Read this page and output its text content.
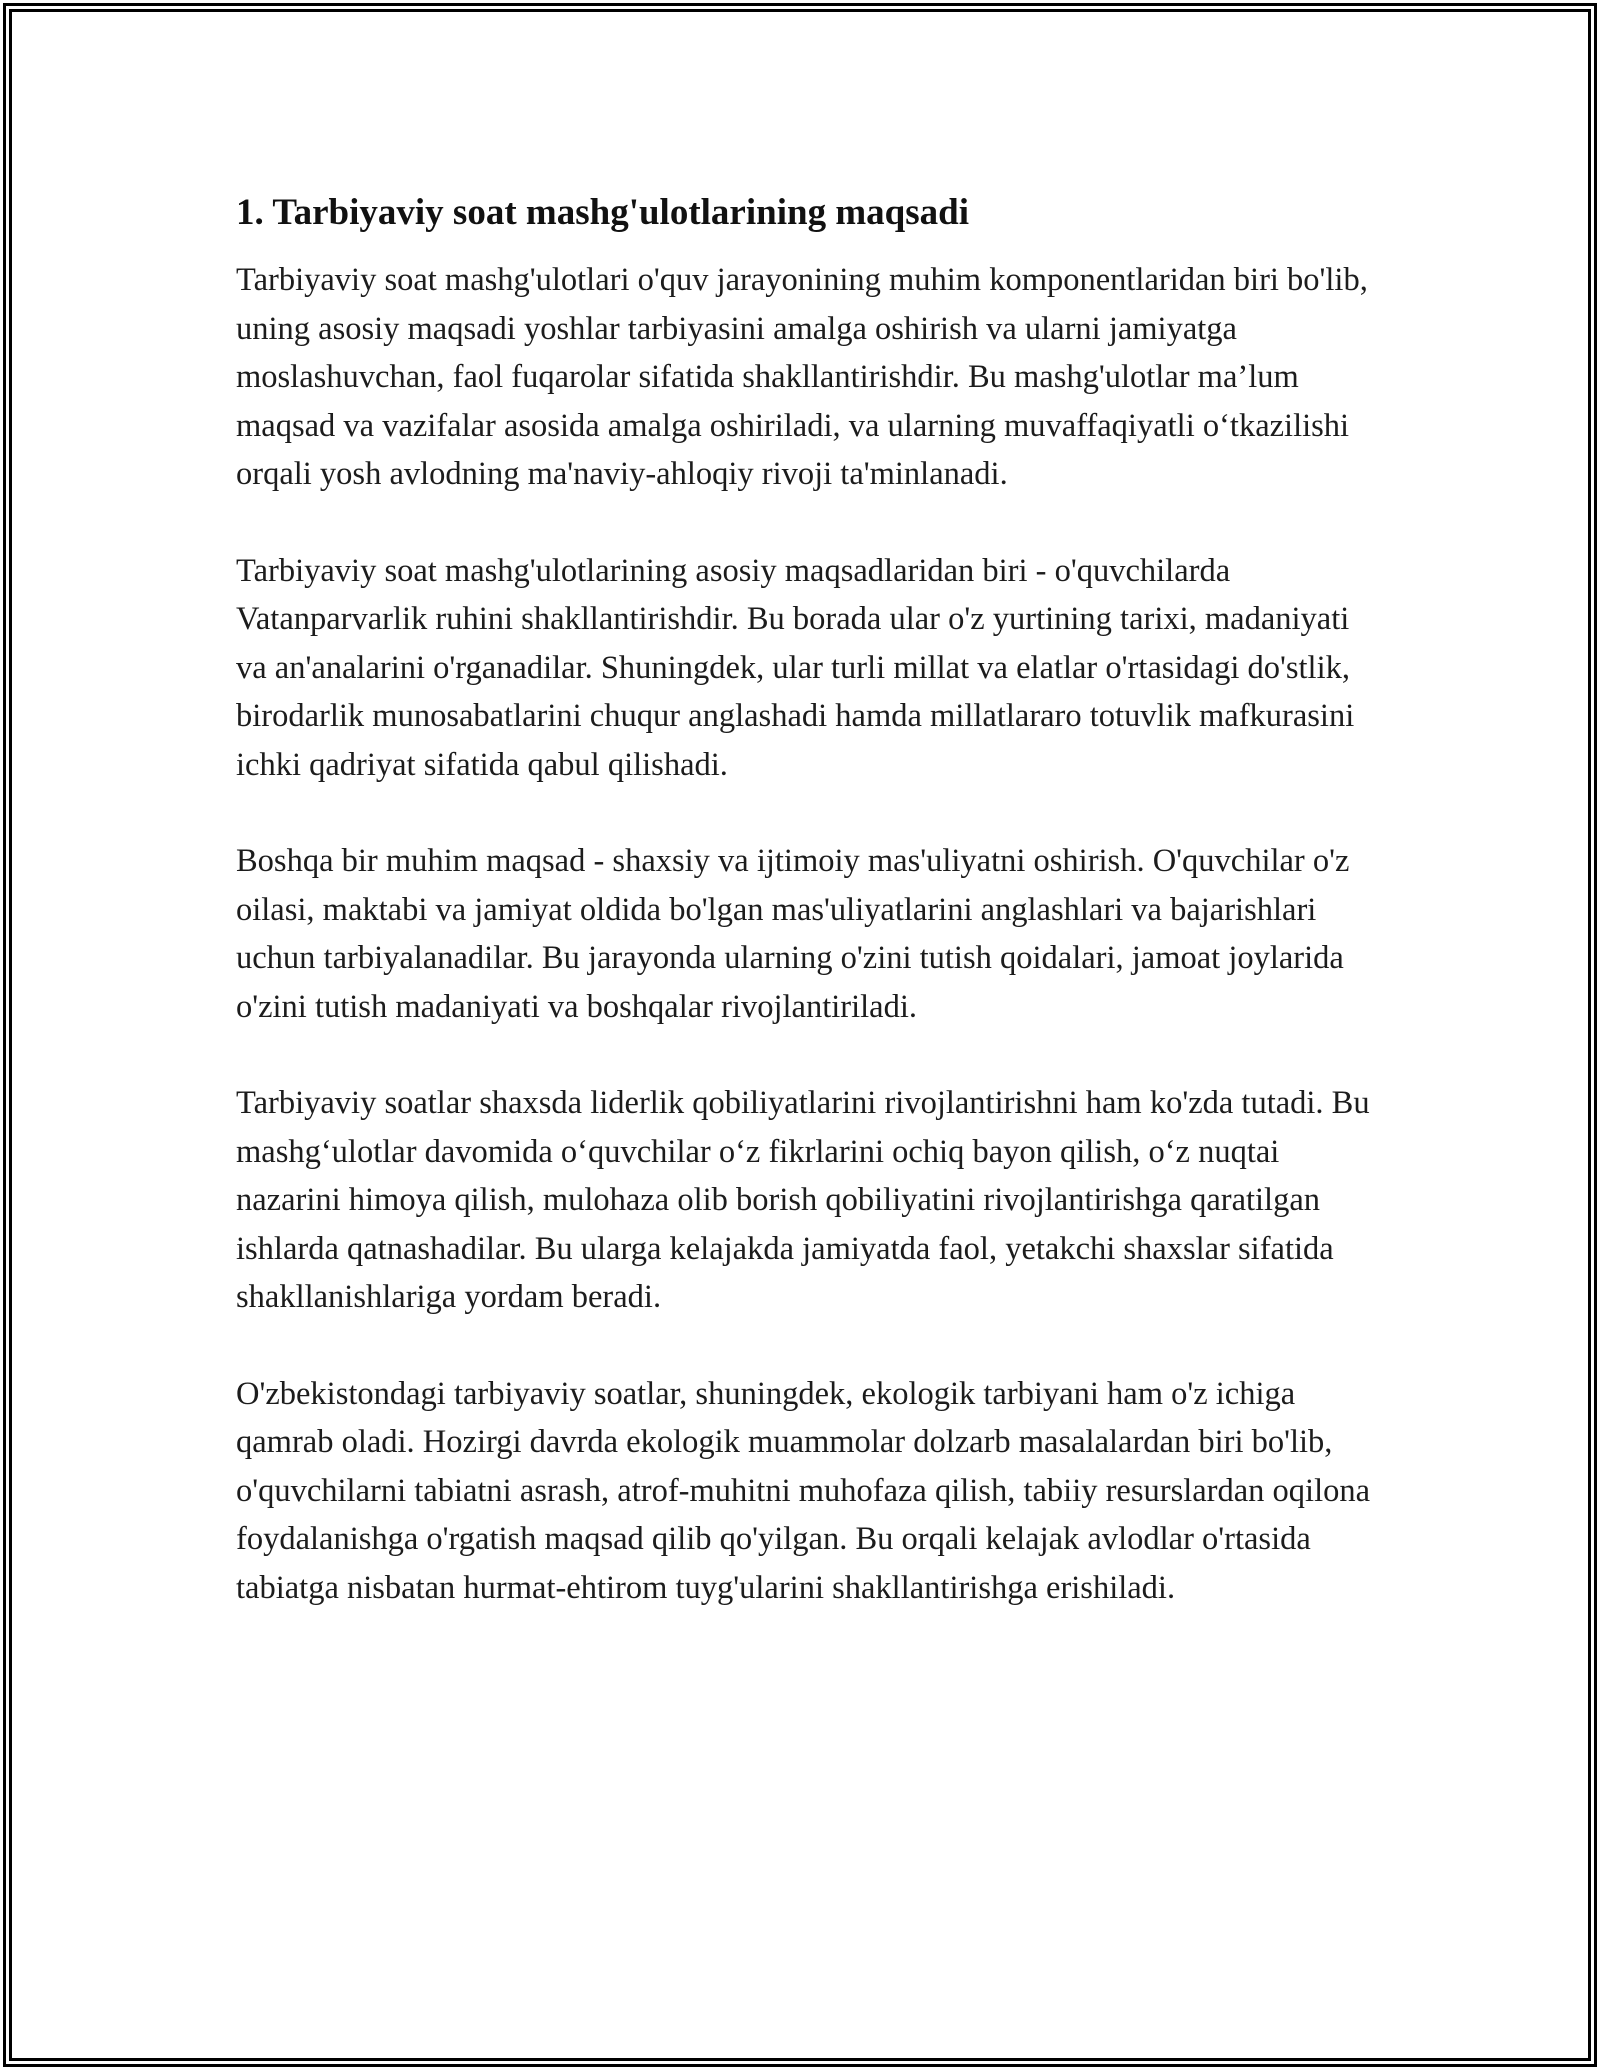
1. Tarbiyaviy soat mashg'ulotlarining maqsadi

Tarbiyaviy soat mashg'ulotlari o'quv jarayonining muhim komponentlaridan biri bo'lib, uning asosiy maqsadi yoshlar tarbiyasini amalga oshirish va ularni jamiyatga moslashuvchan, faol fuqarolar sifatida shakllantirishdir. Bu mashg'ulotlar ma’lum maqsad va vazifalar asosida amalga oshiriladi, va ularning muvaffaqiyatli o‘tkazilishi orqali yosh avlodning ma'naviy-ahloqiy rivoji ta'minlanadi.

Tarbiyaviy soat mashg'ulotlarining asosiy maqsadlaridan biri - o'quvchilarda Vatanparvarlik ruhini shakllantirishdir. Bu borada ular o'z yurtining tarixi, madaniyati va an'analarini o'rganadilar. Shuningdek, ular turli millat va elatlar o'rtasidagi do'stlik, birodarlik munosabatlarini chuqur anglashadi hamda millatlararo totuvlik mafkurasini ichki qadriyat sifatida qabul qilishadi.

Boshqa bir muhim maqsad - shaxsiy va ijtimoiy mas'uliyatni oshirish. O'quvchilar o'z oilasi, maktabi va jamiyat oldida bo'lgan mas'uliyatlarini anglashlari va bajarishlari uchun tarbiyalanadilar. Bu jarayonda ularning o'zini tutish qoidalari, jamoat joylarida o'zini tutish madaniyati va boshqalar rivojlantiriladi.

Tarbiyaviy soatlar shaxsda liderlik qobiliyatlarini rivojlantirishni ham ko'zda tutadi. Bu mashg‘ulotlar davomida o‘quvchilar o‘z fikrlarini ochiq bayon qilish, o‘z nuqtai nazarini himoya qilish, mulohaza olib borish qobiliyatini rivojlantirishga qaratilgan ishlarda qatnashadilar. Bu ularga kelajakda jamiyatda faol, yetakchi shaxslar sifatida shakllanishlariga yordam beradi.

O'zbekistondagi tarbiyaviy soatlar, shuningdek, ekologik tarbiyani ham o'z ichiga qamrab oladi. Hozirgi davrda ekologik muammolar dolzarb masalalardan biri bo'lib, o'quvchilarni tabiatni asrash, atrof-muhitni muhofaza qilish, tabiiy resurslardan oqilona foydalanishga o'rgatish maqsad qilib qo'yilgan. Bu orqali kelajak avlodlar o'rtasida tabiatga nisbatan hurmat-ehtirom tuyg'ularini shakllantirishga erishiladi.
